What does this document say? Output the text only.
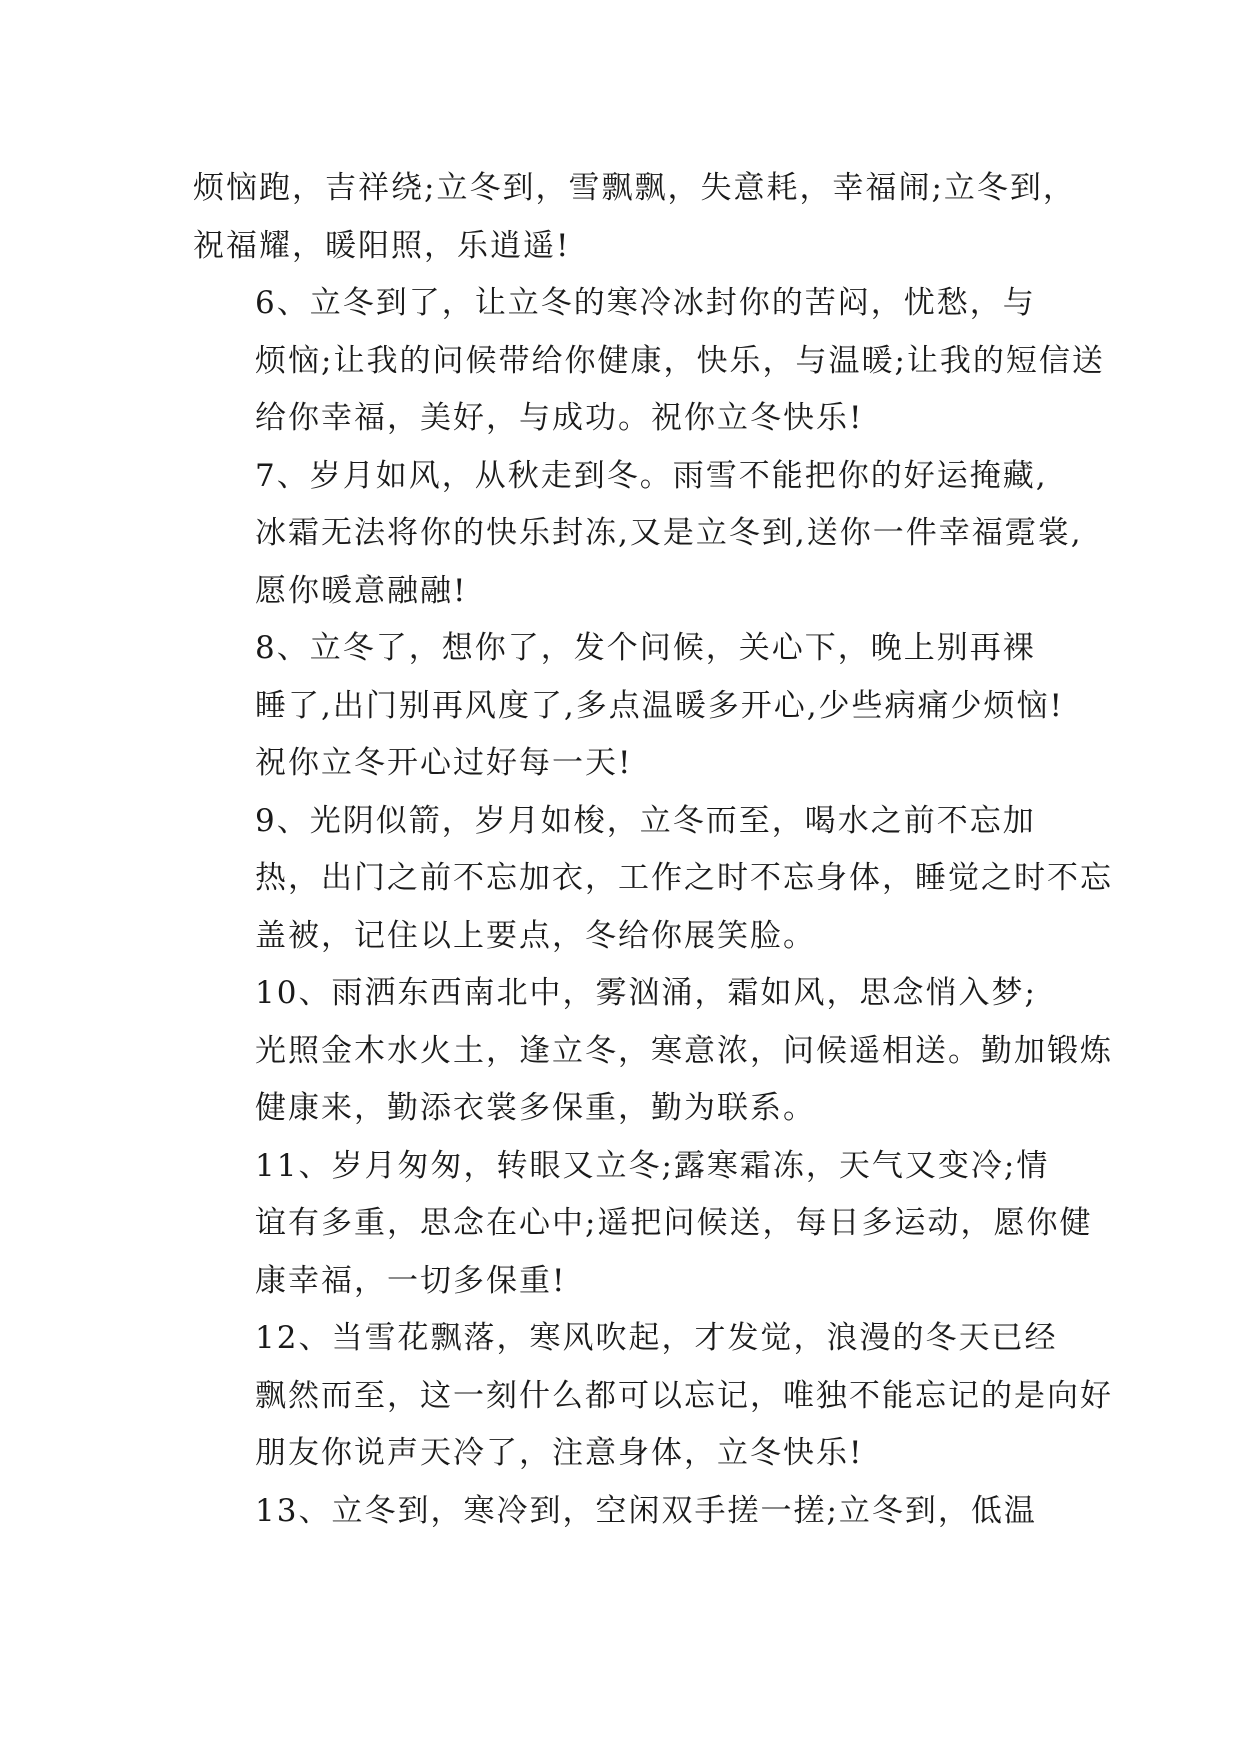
烦恼跑，吉祥绕;立冬到，雪飘飘，失意耗，幸福闹;立冬到，
祝福耀，暖阳照，乐逍遥!

6、立冬到了，让立冬的寒冷冰封你的苦闷，忧愁，与
烦恼;让我的问候带给你健康，快乐，与温暖;让我的短信送
给你幸福，美好，与成功。祝你立冬快乐!

7、岁月如风，从秋走到冬。雨雪不能把你的好运掩藏,
冰霜无法将你的快乐封冻,又是立冬到,送你一件幸福霓裳,
愿你暖意融融!

8、立冬了，想你了，发个问候，关心下，晚上别再裸
睡了,出门别再风度了,多点温暖多开心,少些病痛少烦恼!
祝你立冬开心过好每一天!

9、光阴似箭，岁月如梭，立冬而至，喝水之前不忘加
热，出门之前不忘加衣，工作之时不忘身体，睡觉之时不忘
盖被，记住以上要点，冬给你展笑脸。

10、雨洒东西南北中，雾汹涌，霜如风，思念悄入梦;
光照金木水火土，逢立冬，寒意浓，问候遥相送。勤加锻炼
健康来，勤添衣裳多保重，勤为联系。

11、岁月匆匆，转眼又立冬;露寒霜冻，天气又变冷;情
谊有多重，思念在心中;遥把问候送，每日多运动，愿你健
康幸福，一切多保重!

12、当雪花飘落，寒风吹起，才发觉，浪漫的冬天已经
飘然而至，这一刻什么都可以忘记，唯独不能忘记的是向好
朋友你说声天冷了，注意身体，立冬快乐!

13、立冬到，寒冷到，空闲双手搓一搓;立冬到，低温
